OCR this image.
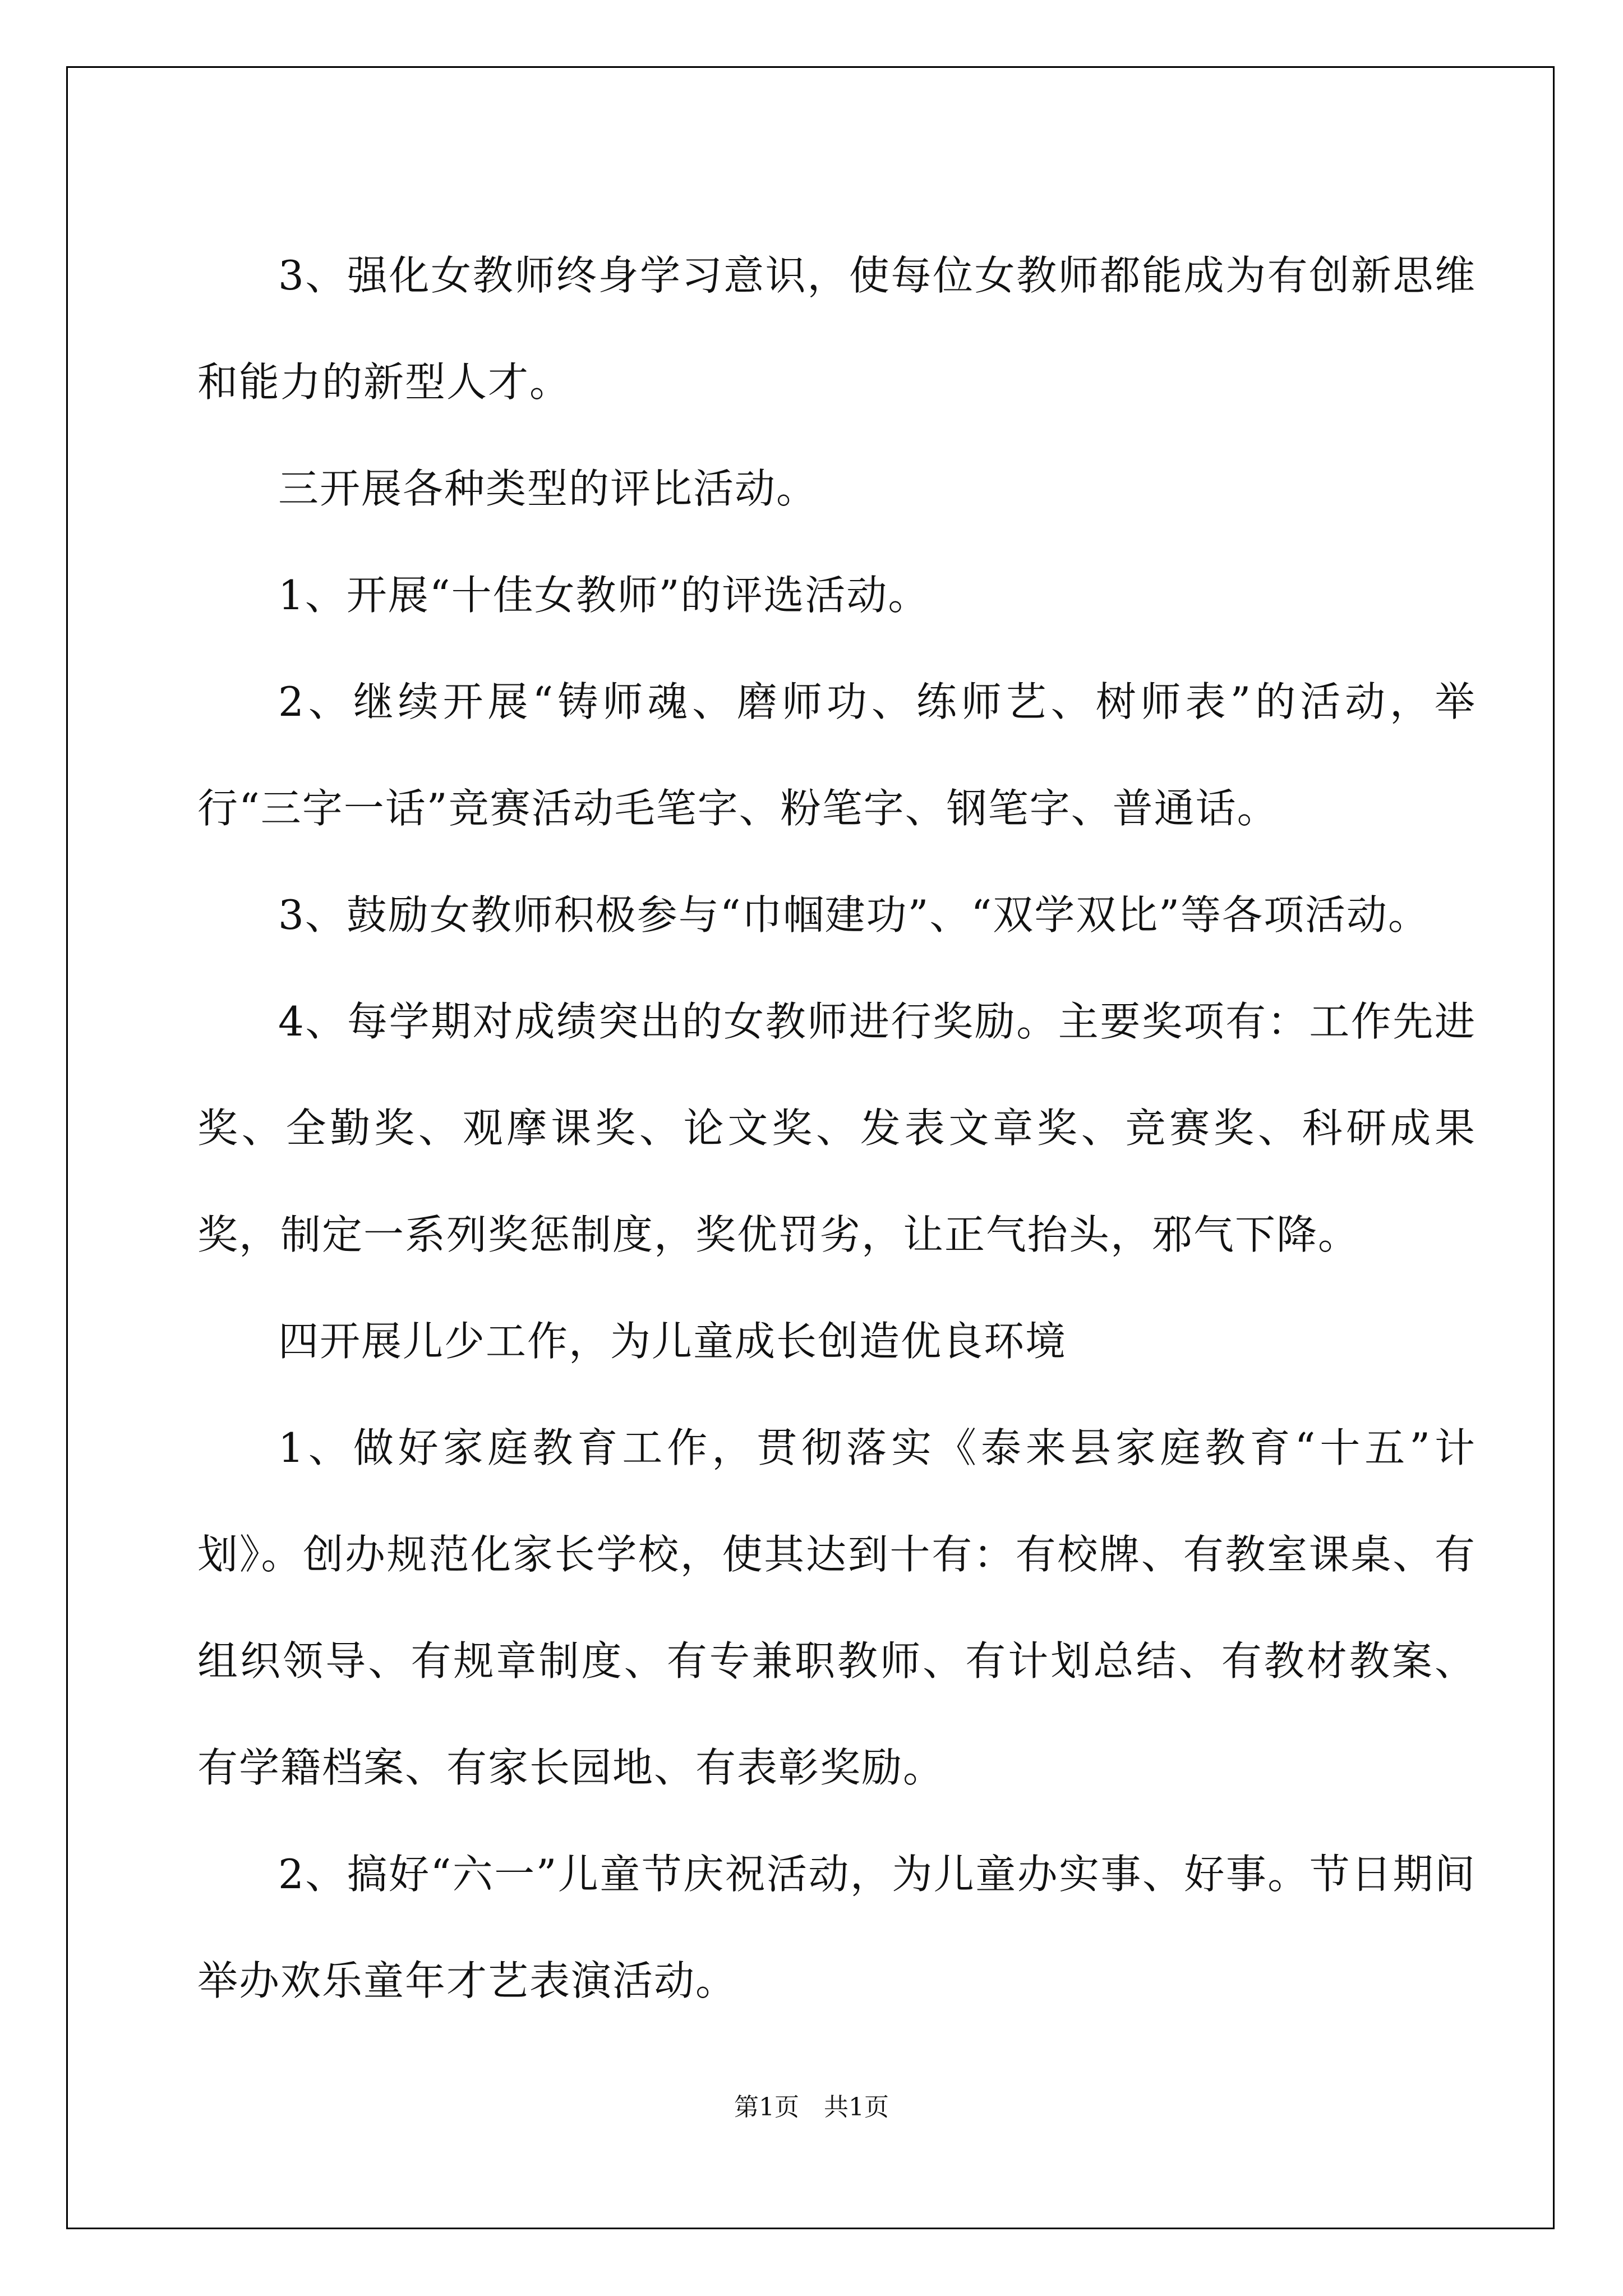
3、强化女教师终身学习意识，使每位女教师都能成为有创新思维和能力的新型人才。

三开展各种类型的评比活动。

1、开展“十佳女教师”的评选活动。

2、继续开展“铸师魂、磨师功、练师艺、树师表”的活动，举行“三字一话”竞赛活动毛笔字、粉笔字、钢笔字、普通话。

3、鼓励女教师积极参与“巾帼建功”、“双学双比”等各项活动。

4、每学期对成绩突出的女教师进行奖励。主要奖项有：工作先进奖、全勤奖、观摩课奖、论文奖、发表文章奖、竞赛奖、科研成果奖，制定一系列奖惩制度，奖优罚劣，让正气抬头，邪气下降。

四开展儿少工作，为儿童成长创造优良环境

1、做好家庭教育工作，贯彻落实《泰来县家庭教育“十五”计划》。创办规范化家长学校，使其达到十有：有校牌、有教室课桌、有组织领导、有规章制度、有专兼职教师、有计划总结、有教材教案、有学籍档案、有家长园地、有表彰奖励。

2、搞好“六一”儿童节庆祝活动，为儿童办实事、好事。节日期间举办欢乐童年才艺表演活动。

第1页　共1页
